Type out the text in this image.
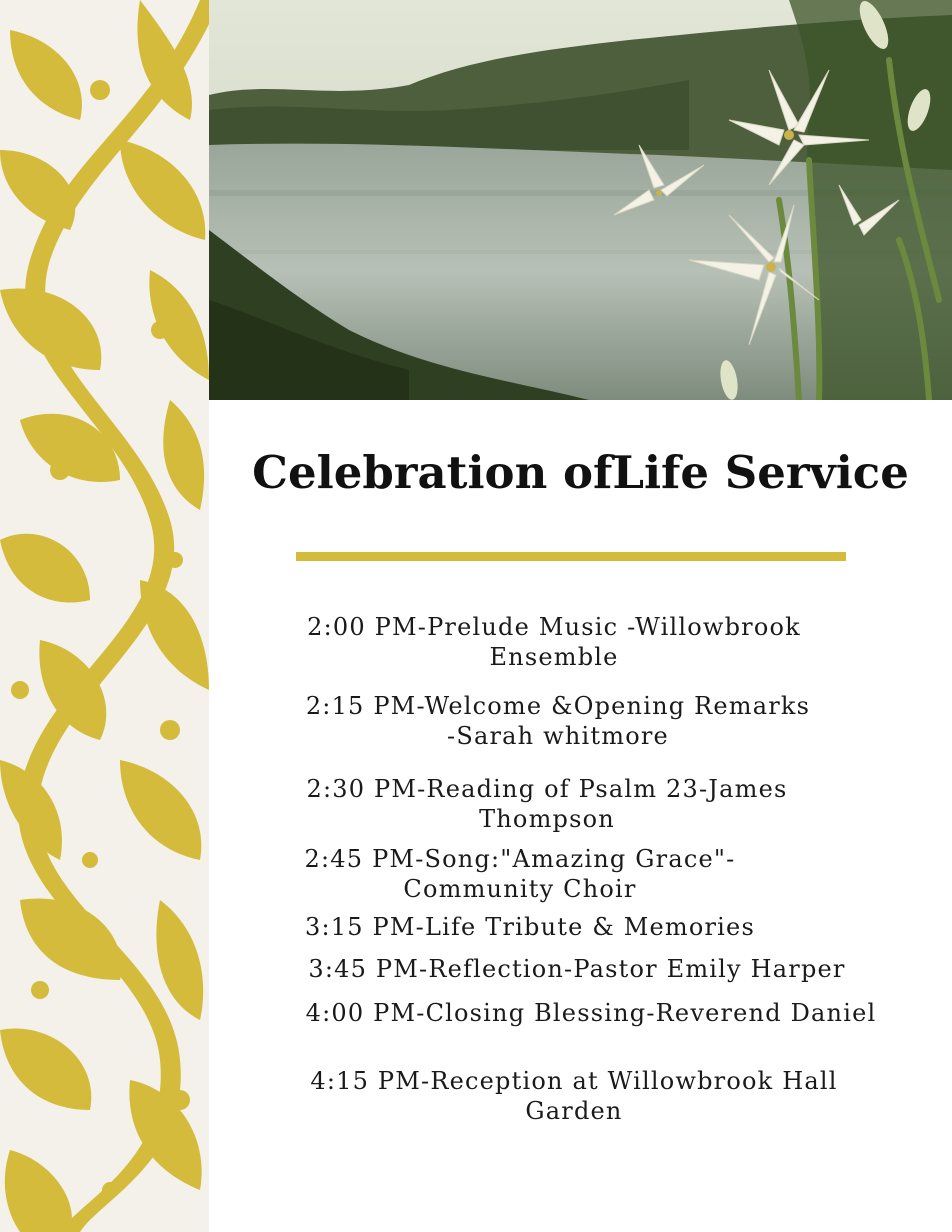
Celebration ofLife Service
2:00 PM-Prelude Music -Willowbrook
Ensemble
2:15 PM-Welcome &Opening Remarks
-Sarah whitmore
2:30 PM-Reading of Psalm 23-James
Thompson
2:45 PM-Song:"Amazing Grace"-
Community Choir
3:15 PM-Life Tribute & Memories
3:45 PM-Reflection-Pastor Emily Harper
4:00 PM-Closing Blessing-Reverend Daniel
4:15 PM-Reception at Willowbrook Hall
Garden
